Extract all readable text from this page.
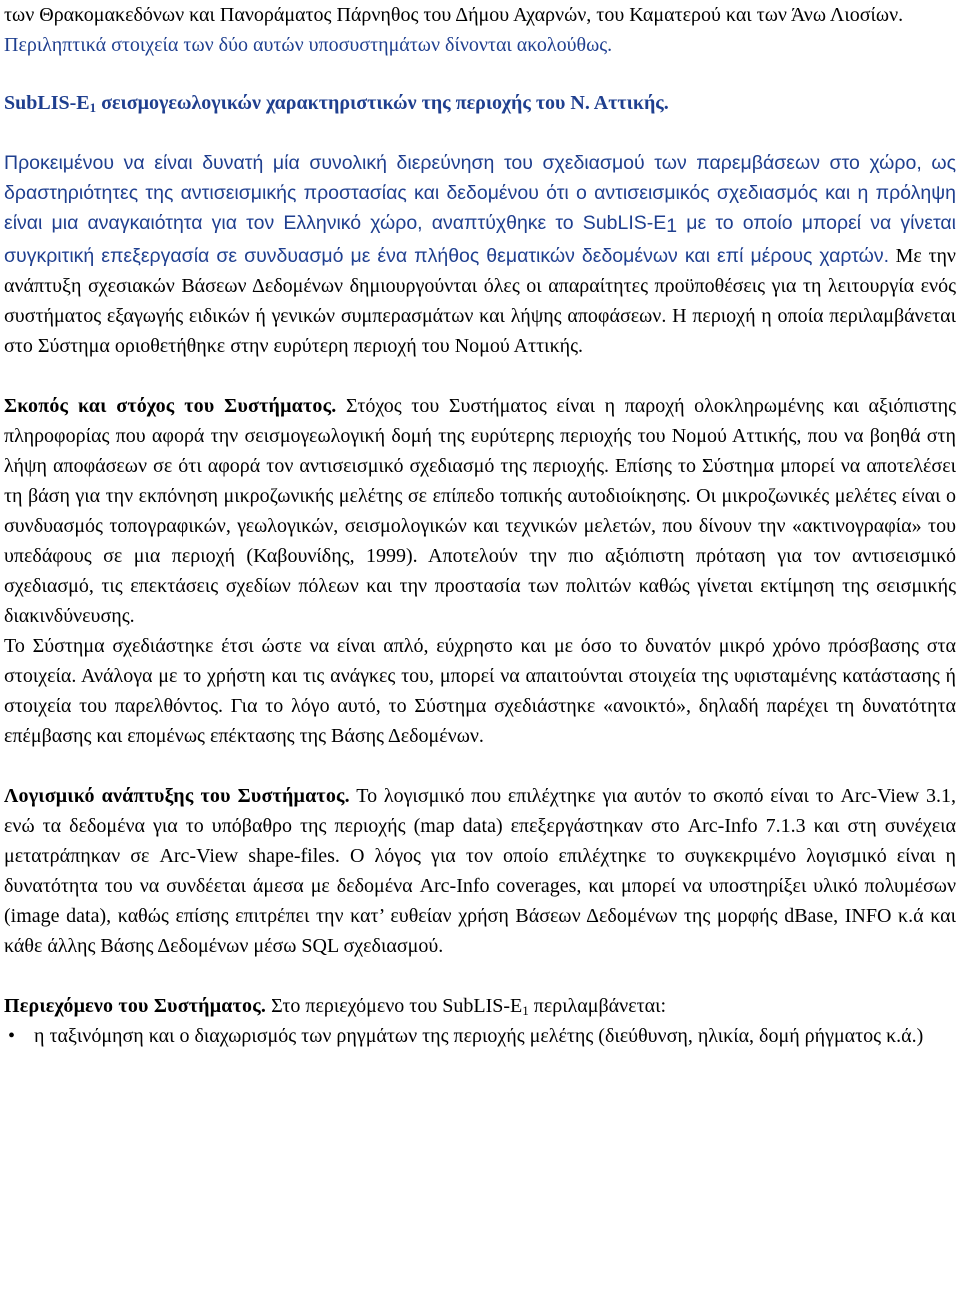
των Θρακομακεδόνων και Πανοράματος Πάρνηθος του Δήμου Αχαρνών, του Καματερού και των Άνω Λιοσίων.

Περιληπτικά στοιχεία των δύο αυτών υποσυστημάτων δίνονται ακολούθως.

SubLIS-$E_1$ σεισμογεωλογικών χαρακτηριστικών της περιοχής του Ν. Αττικής.

Προκειμένου να είναι δυνατή μία συνολική διερεύνηση του σχεδιασμού των παρεμβάσεων στο χώρο, ως δραστηριότητες της αντισεισμικής προστασίας και δεδομένου ότι ο αντισεισμικός σχεδιασμός και η πρόληψη είναι μια αναγκαιότητα για τον Ελληνικό χώρο, αναπτύχθηκε το SubLIS-$E_1$ με το οποίο μπορεί να γίνεται συγκριτική επεξεργασία σε συνδυασμό με ένα πλήθος θεματικών δεδομένων και επί μέρους χαρτών. Με την ανάπτυξη σχεσιακών Βάσεων Δεδομένων δημιουργούνται όλες οι απαραίτητες προϋποθέσεις για τη λειτουργία ενός συστήματος εξαγωγής ειδικών ή γενικών συμπερασμάτων και λήψης αποφάσεων. Η περιοχή η οποία περιλαμβάνεται στο Σύστημα οριοθετήθηκε στην ευρύτερη περιοχή του Νομού Αττικής.

Σκοπός και στόχος του Συστήματος. Στόχος του Συστήματος είναι η παροχή ολοκληρωμένης και αξιόπιστης πληροφορίας που αφορά την σεισμογεωλογική δομή της ευρύτερης περιοχής του Νομού Αττικής, που να βοηθά στη λήψη αποφάσεων σε ότι αφορά τον αντισεισμικό σχεδιασμό της περιοχής. Επίσης το Σύστημα μπορεί να αποτελέσει τη βάση για την εκπόνηση μικροζωνικής μελέτης σε επίπεδο τοπικής αυτοδιοίκησης. Οι μικροζωνικές μελέτες είναι ο συνδυασμός τοπογραφικών, γεωλογικών, σεισμολογικών και τεχνικών μελετών, που δίνουν την «ακτινογραφία» του υπεδάφους σε μια περιοχή (Καβουνίδης, 1999). Αποτελούν την πιο αξιόπιστη πρόταση για τον αντισεισμικό σχεδιασμό, τις επεκτάσεις σχεδίων πόλεων και την προστασία των πολιτών καθώς γίνεται εκτίμηση της σεισμικής διακινδύνευσης.

Το Σύστημα σχεδιάστηκε έτσι ώστε να είναι απλό, εύχρηστο και με όσο το δυνατόν μικρό χρόνο πρόσβασης στα στοιχεία. Ανάλογα με το χρήστη και τις ανάγκες του, μπορεί να απαιτούνται στοιχεία της υφισταμένης κατάστασης ή στοιχεία του παρελθόντος. Για το λόγο αυτό, το Σύστημα σχεδιάστηκε «ανοικτό», δηλαδή παρέχει τη δυνατότητα επέμβασης και επομένως επέκτασης της Βάσης Δεδομένων.

Λογισμικό ανάπτυξης του Συστήματος. Το λογισμικό που επιλέχτηκε για αυτόν το σκοπό είναι το Arc-View 3.1, ενώ τα δεδομένα για το υπόβαθρο της περιοχής (map data) επεξεργάστηκαν στο Arc-Info 7.1.3 και στη συνέχεια μετατράπηκαν σε Arc-View shape-files. Ο λόγος για τον οποίο επιλέχτηκε το συγκεκριμένο λογισμικό είναι η δυνατότητα του να συνδέεται άμεσα με δεδομένα Arc-Info coverages, και μπορεί να υποστηρίξει υλικό πολυμέσων (image data), καθώς επίσης επιτρέπει την κατ’ ευθείαν χρήση Βάσεων Δεδομένων της μορφής dBase, INFO κ.ά και κάθε άλλης Βάσης Δεδομένων μέσω SQL σχεδιασμού.

Περιεχόμενο του Συστήματος. Στο περιεχόμενο του SubLIS-$E_1$ περιλαμβάνεται:

• η ταξινόμηση και ο διαχωρισμός των ρηγμάτων της περιοχής μελέτης (διεύθυνση, ηλικία, δομή ρήγματος κ.ά.)
